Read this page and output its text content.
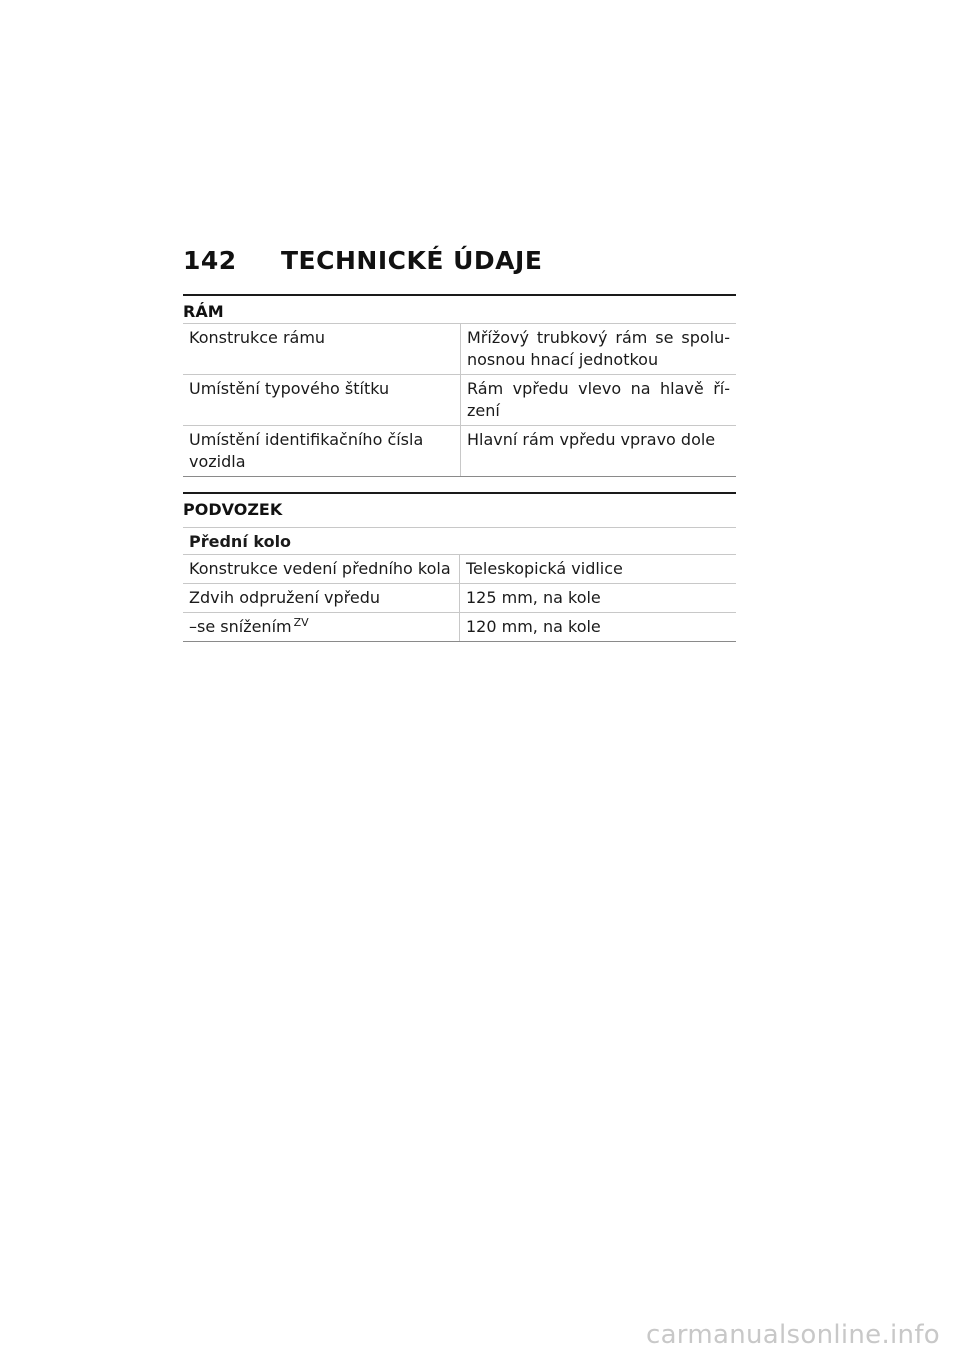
142	TECHNICKÉ ÚDAJE
RÁM
Konstrukce rámu	Mřížový trubkový rám se spolu-nosnou hnací jednotkou
Umístění typového štítku	Rám vpředu vlevo na hlavě ří-zení
Umístění identifikačního čísla vozidla	Hlavní rám vpředu vpravo dole
PODVOZEK
Přední kolo	
Konstrukce vedení předního kola	Teleskopická vidlice
Zdvih odpružení vpředu	125 mm, na kole
–se snížením $^{ZV}$	120 mm, na kole
carmanualsonline.info
